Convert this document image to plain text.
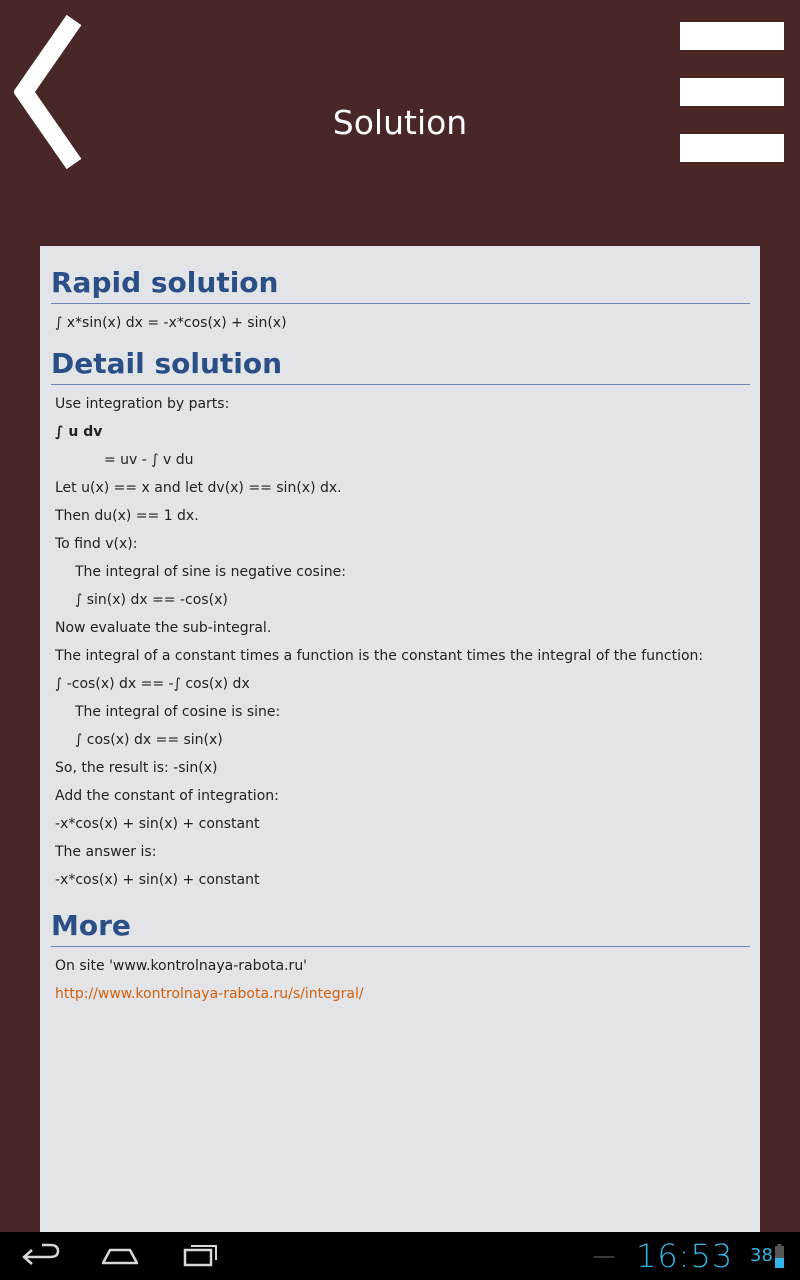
Solution
Rapid solution
∫ x*sin(x) dx = -x*cos(x) + sin(x)
Detail solution
Use integration by parts:
∫ u dv
= uv - ∫ v du
Let u(x) == x and let dv(x) == sin(x) dx.
Then du(x) == 1 dx.
To find v(x):
The integral of sine is negative cosine:
∫ sin(x) dx == -cos(x)
Now evaluate the sub-integral.
The integral of a constant times a function is the constant times the integral of the function:
∫ -cos(x) dx == -∫ cos(x) dx
The integral of cosine is sine:
∫ cos(x) dx == sin(x)
So, the result is: -sin(x)
Add the constant of integration:
-x*cos(x) + sin(x) + constant
The answer is:
-x*cos(x) + sin(x) + constant
More
On site 'www.kontrolnaya-rabota.ru'
http://www.kontrolnaya-rabota.ru/s/integral/
16:53 38
